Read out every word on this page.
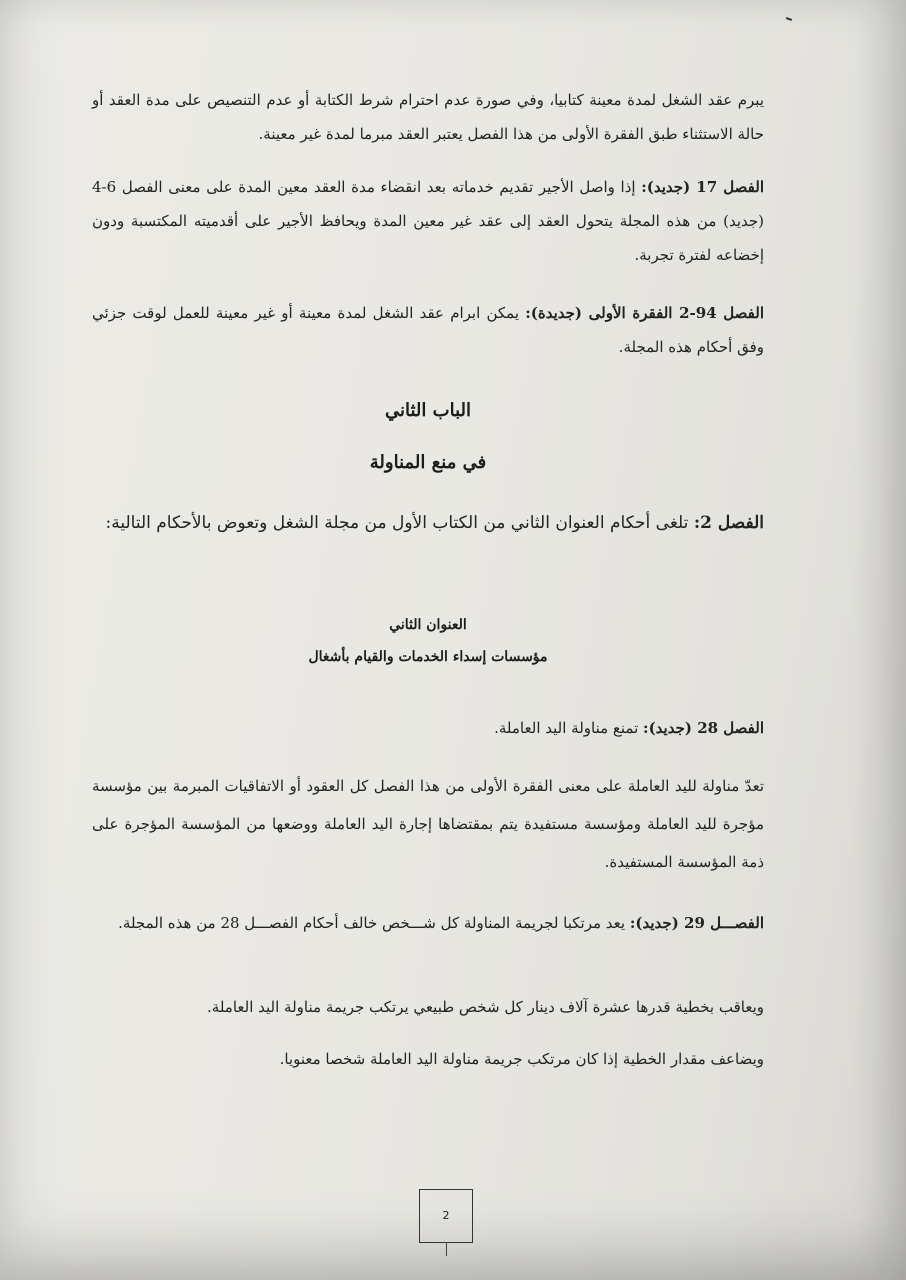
يبرم عقد الشغل لمدة معينة كتابيا، وفي صورة عدم احترام شرط الكتابة أو عدم التنصيص على مدة العقد أو حالة الاستثناء طبق الفقرة الأولى من هذا الفصل يعتبر العقد مبرما لمدة غير معينة.

الفصل 17 (جديد): إذا واصل الأجير تقديم خدماته بعد انقضاء مدة العقد معين المدة على معنى الفصل 6-4 (جديد) من هذه المجلة يتحول العقد إلى عقد غير معين المدة ويحافظ الأجير على أقدميته المكتسبة ودون إخضاعه لفترة تجربة.

الفصل 94-2 الفقرة الأولى (جديدة): يمكن ابرام عقد الشغل لمدة معينة أو غير معينة للعمل لوقت جزئي وفق أحكام هذه المجلة.

الباب الثاني
في منع المناولة

الفصل 2: تلغى أحكام العنوان الثاني من الكتاب الأول من مجلة الشغل وتعوض بالأحكام التالية:

العنوان الثاني
مؤسسات إسداء الخدمات والقيام بأشغال

الفصل 28 (جديد): تمنع مناولة اليد العاملة.

تعدّ مناولة لليد العاملة على معنى الفقرة الأولى من هذا الفصل كل العقود أو الاتفاقيات المبرمة بين مؤسسة مؤجرة لليد العاملة ومؤسسة مستفيدة يتم بمقتضاها إجارة اليد العاملة ووضعها من المؤسسة المؤجرة على ذمة المؤسسة المستفيدة.

الفصـــل 29 (جديد): يعد مرتكبا لجريمة المناولة كل شـــخص خالف أحكام الفصـــل 28 من هذه المجلة.

ويعاقب بخطية قدرها عشرة آلاف دينار كل شخص طبيعي يرتكب جريمة مناولة اليد العاملة.

ويضاعف مقدار الخطية إذا كان مرتكب جريمة مناولة اليد العاملة شخصا معنويا.

2
